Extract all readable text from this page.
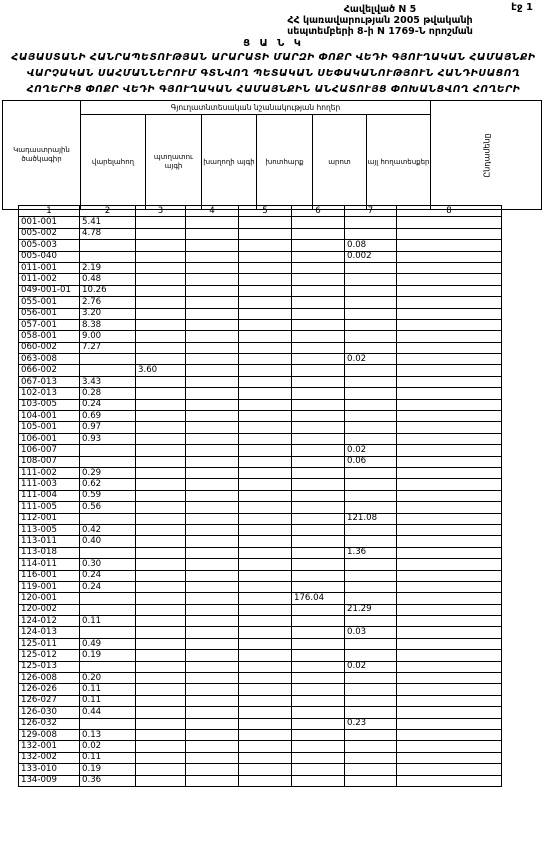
էջ 1
Հավելված N 5
ՀՀ կառավարության 2005 թվականի
սեպտեմբերի 8-ի N 1769-Ն որոշման
Ց Ա Ն Կ
ՀԱՅԱՍՏԱՆԻ ՀԱՆՐԱՊԵՏՈՒԹՅԱՆ ԱՐԱՐԱՏԻ ՄԱՐԶԻ ՓՈՔՐ ՎԵԴԻ ԳՅՈՒՂԱԿԱՆ ՀԱՄԱՅՆՔԻ
ՎԱՐՉԱԿԱՆ ՍԱՀՄԱՆՆԵՐՈՒՄ ԳՏՆՎՈՂ ՊԵՏԱԿԱՆ ՍԵՓԱԿԱՆՈՒԹՅՈՒՆ ՀԱՆԴԻՍԱՑՈՂ
ՀՈՂԵՐԻՑ ՓՈՔՐ ՎԵԴԻ ԳՅՈՒՂԱԿԱՆ ՀԱՄԱՅՆՔԻՆ ԱՆՀԱՏՈՒՅՑ ՓՈԽԱՆՑՎՈՂ ՀՈՂԵՐԻ
Կադաստրային ծածկագիր
Գյուղատնտեսական նշանակության հողեր
վարելահող
պտղատու այգի
խաղողի այգի	խոտհարք	արոտ	այլ հողատեսքեր	Ընդամենը
1	2	3	4	5	6	7	8
001-001	5.41						
005-002	4.78						
005-003						0.08	
005-040						0.002	
011-001	2.19						
011-002	0.48						
049-001-01	10.26						
055-001	2.76						
056-001	3.20						
057-001	8.38						
058-001	9.00						
060-002	7.27						
063-008						0.02	
066-002		3.60					
067-013	3.43						
102-013	0.28						
103-005	0.24						
104-001	0.69						
105-001	0.97						
106-001	0.93						
106-007						0.02	
108-007						0.06	
111-002	0.29						
111-003	0.62						
111-004	0.59						
111-005	0.56						
112-001						121.08	
113-005	0.42						
113-011	0.40						
113-018						1.36	
114-011	0.30						
116-001	0.24						
119-001	0.24						
120-001					176.04		
120-002						21.29	
124-012	0.11						
124-013						0.03	
125-011	0.49						
125-012	0.19						
125-013						0.02	
126-008	0.20						
126-026	0.11						
126-027	0.11						
126-030	0.44						
126-032						0.23	
129-008	0.13						
132-001	0.02						
132-002	0.11						
133-010	0.19						
134-009	0.36						
